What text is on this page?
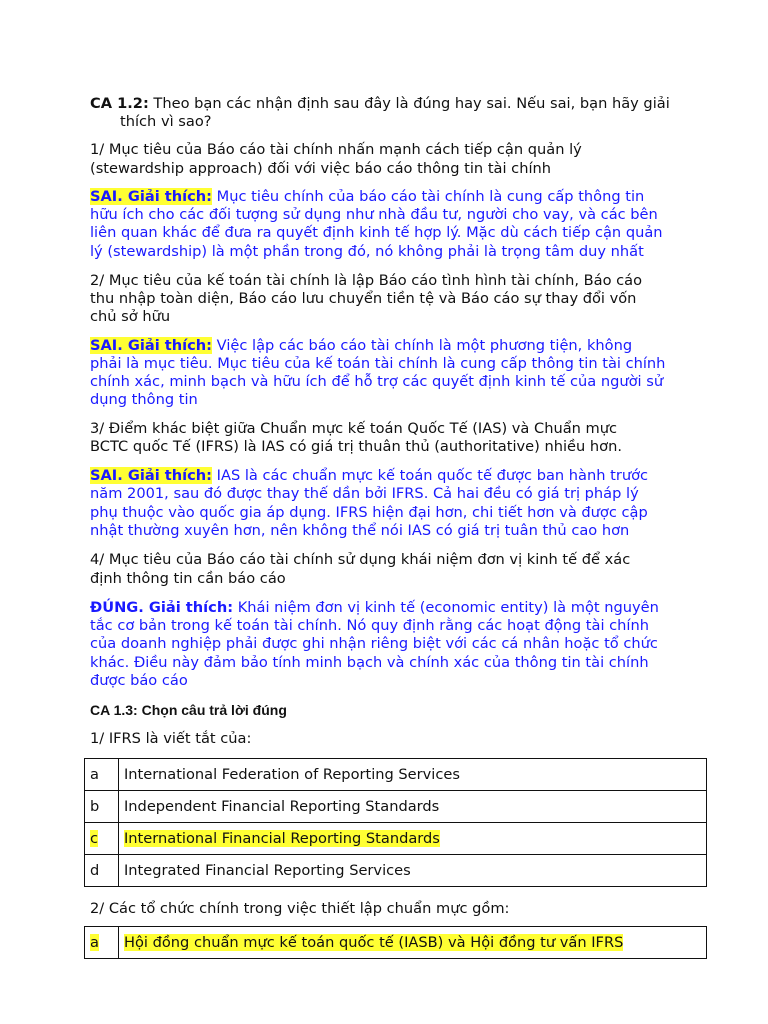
CA 1.2: Theo bạn các nhận định sau đây là đúng hay sai. Nếu sai, bạn hãy giải
thích vì sao?
1/ Mục tiêu của Báo cáo tài chính nhấn mạnh cách tiếp cận quản lý
(stewardship approach) đối với việc báo cáo thông tin tài chính
SAI. Giải thích: Mục tiêu chính của báo cáo tài chính là cung cấp thông tin
hữu ích cho các đối tượng sử dụng như nhà đầu tư, người cho vay, và các bên
liên quan khác để đưa ra quyết định kinh tế hợp lý. Mặc dù cách tiếp cận quản
lý (stewardship) là một phần trong đó, nó không phải là trọng tâm duy nhất
2/ Mục tiêu của kế toán tài chính là lập Báo cáo tình hình tài chính, Báo cáo
thu nhập toàn diện, Báo cáo lưu chuyển tiền tệ và Báo cáo sự thay đổi vốn
chủ sở hữu
SAI. Giải thích: Việc lập các báo cáo tài chính là một phương tiện, không
phải là mục tiêu. Mục tiêu của kế toán tài chính là cung cấp thông tin tài chính
chính xác, minh bạch và hữu ích để hỗ trợ các quyết định kinh tế của người sử
dụng thông tin
3/ Điểm khác biệt giữa Chuẩn mực kế toán Quốc Tế (IAS) và Chuẩn mực
BCTC quốc Tế (IFRS) là IAS có giá trị thuân thủ (authoritative) nhiều hơn.
SAI. Giải thích: IAS là các chuẩn mực kế toán quốc tế được ban hành trước
năm 2001, sau đó được thay thế dần bởi IFRS. Cả hai đều có giá trị pháp lý
phụ thuộc vào quốc gia áp dụng. IFRS hiện đại hơn, chi tiết hơn và được cập
nhật thường xuyên hơn, nên không thể nói IAS có giá trị tuân thủ cao hơn
4/ Mục tiêu của Báo cáo tài chính sử dụng khái niệm đơn vị kinh tế để xác
định thông tin cần báo cáo
ĐÚNG. Giải thích: Khái niệm đơn vị kinh tế (economic entity) là một nguyên
tắc cơ bản trong kế toán tài chính. Nó quy định rằng các hoạt động tài chính
của doanh nghiệp phải được ghi nhận riêng biệt với các cá nhân hoặc tổ chức
khác. Điều này đảm bảo tính minh bạch và chính xác của thông tin tài chính
được báo cáo
CA 1.3: Chọn câu trả lời đúng
1/ IFRS là viết tắt của:
a	International Federation of Reporting Services
b	Independent Financial Reporting Standards
c	International Financial Reporting Standards
d	Integrated Financial Reporting Services
2/ Các tổ chức chính trong việc thiết lập chuẩn mực gồm:
a	Hội đồng chuẩn mực kế toán quốc tế (IASB) và Hội đồng tư vấn IFRS
